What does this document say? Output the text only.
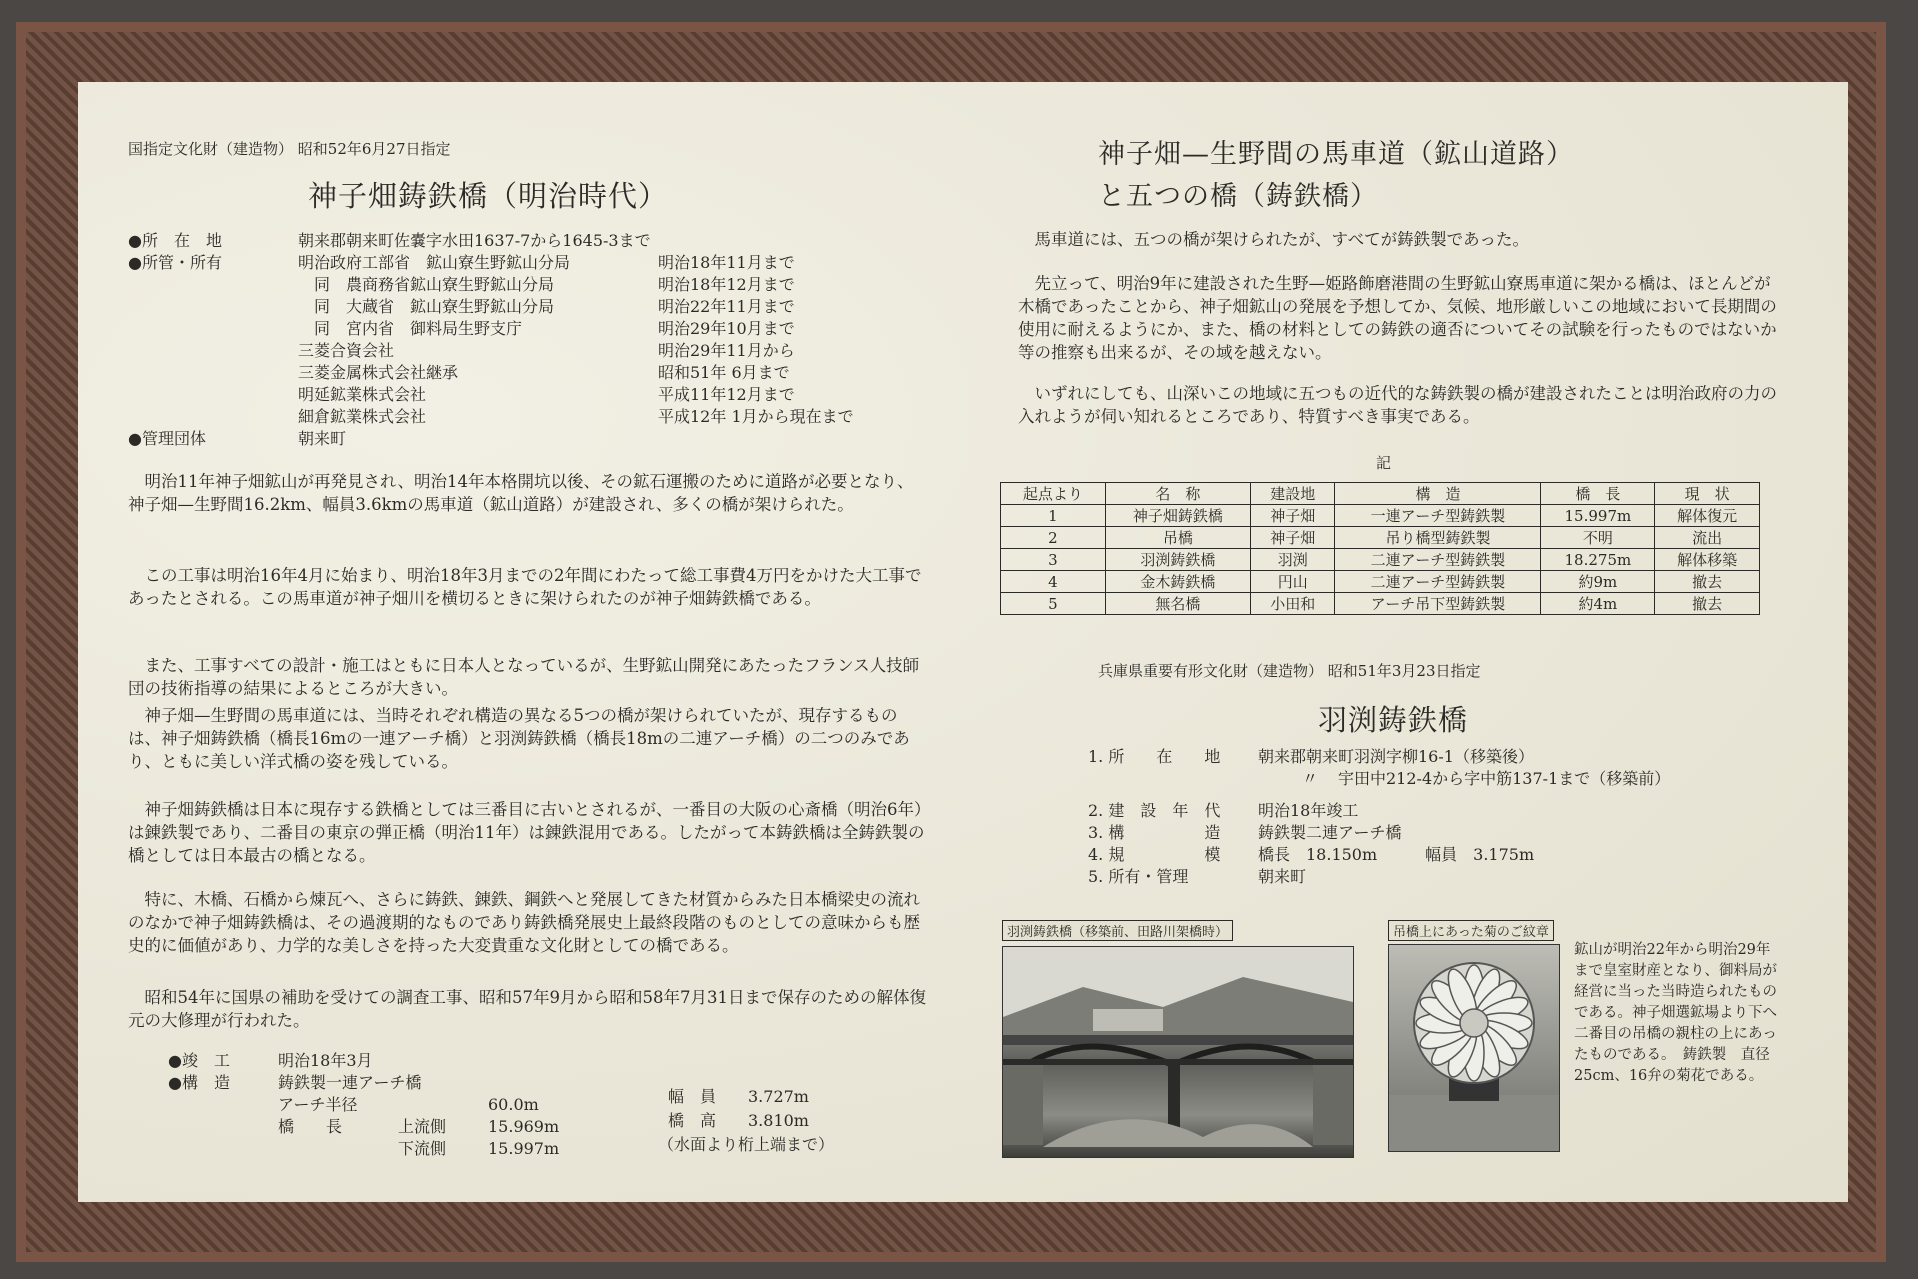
国指定文化財（建造物） 昭和52年6月27日指定
神子畑鋳鉄橋（明治時代）
●所　在　地	朝来郡朝来町佐嚢字水田1637-7から1645-3まで
●所管・所有	明治政府工部省　鉱山寮生野鉱山分局	明治18年11月まで
　同　農商務省鉱山寮生野鉱山分局	明治18年12月まで
　同　大蔵省　鉱山寮生野鉱山分局	明治22年11月まで
　同　宮内省　御料局生野支庁	明治29年10月まで
三菱合資会社	明治29年11月から
三菱金属株式会社継承	昭和51年 6月まで
明延鉱業株式会社	平成11年12月まで
細倉鉱業株式会社	平成12年 1月から現在まで
●管理団体	朝来町
明治11年神子畑鉱山が再発見され、明治14年本格開坑以後、その鉱石運搬のために道路が必要となり、神子畑—生野間16.2km、幅員3.6kmの馬車道（鉱山道路）が建設され、多くの橋が架けられた。
この工事は明治16年4月に始まり、明治18年3月までの2年間にわたって総工事費4万円をかけた大工事であったとされる。この馬車道が神子畑川を横切るときに架けられたのが神子畑鋳鉄橋である。
また、工事すべての設計・施工はともに日本人となっているが、生野鉱山開発にあたったフランス人技師団の技術指導の結果によるところが大きい。
神子畑—生野間の馬車道には、当時それぞれ構造の異なる5つの橋が架けられていたが、現存するものは、神子畑鋳鉄橋（橋長16mの一連アーチ橋）と羽渕鋳鉄橋（橋長18mの二連アーチ橋）の二つのみであり、ともに美しい洋式橋の姿を残している。
神子畑鋳鉄橋は日本に現存する鉄橋としては三番目に古いとされるが、一番目の大阪の心斎橋（明治6年）は錬鉄製であり、二番目の東京の弾正橋（明治11年）は錬鉄混用である。したがって本鋳鉄橋は全鋳鉄製の橋としては日本最古の橋となる。
特に、木橋、石橋から煉瓦へ、さらに鋳鉄、錬鉄、鋼鉄へと発展してきた材質からみた日本橋梁史の流れのなかで神子畑鋳鉄橋は、その過渡期的なものであり鋳鉄橋発展史上最終段階のものとしての意味からも歴史的に価値があり、力学的な美しさを持った大変貴重な文化財としての橋である。
昭和54年に国県の補助を受けての調査工事、昭和57年9月から昭和58年7月31日まで保存のための解体復元の大修理が行われた。
●竣　工	明治18年3月
●構　造	鋳鉄製一連アーチ橋
アーチ半径	60.0m	幅　員 3.727m
橋　　長	上流側	15.969m	橋　高 3.810m
下流側	15.997m	（水面より桁上端まで）
神子畑—生野間の馬車道（鉱山道路）
と五つの橋（鋳鉄橋）
馬車道には、五つの橋が架けられたが、すべてが鋳鉄製であった。
先立って、明治9年に建設された生野—姫路飾磨港間の生野鉱山寮馬車道に架かる橋は、ほとんどが木橋であったことから、神子畑鉱山の発展を予想してか、気候、地形厳しいこの地域において長期間の使用に耐えるようにか、また、橋の材料としての鋳鉄の適否についてその試験を行ったものではないか等の推察も出来るが、その域を越えない。
いずれにしても、山深いこの地域に五つもの近代的な鋳鉄製の橋が建設されたことは明治政府の力の入れようが伺い知れるところであり、特質すべき事実である。
記
起点より	名　称	建設地	構　造	橋　長	現　状
1	神子畑鋳鉄橋	神子畑	一連アーチ型鋳鉄製	15.997m	解体復元
2	吊橋	神子畑	吊り橋型鋳鉄製	不明	流出
3	羽渕鋳鉄橋	羽渕	二連アーチ型鋳鉄製	18.275m	解体移築
4	金木鋳鉄橋	円山	二連アーチ型鋳鉄製	約9m	撤去
5	無名橋	小田和	アーチ吊下型鋳鉄製	約4m	撤去
兵庫県重要有形文化財（建造物） 昭和51年3月23日指定
羽渕鋳鉄橋
1. 所　　在　　地	朝来郡朝来町羽渕字柳16-1（移築後）
〃	宇田中212-4から字中筋137-1まで（移築前）
2. 建　設　年　代	明治18年竣工
3. 構　　　　　造	鋳鉄製二連アーチ橋
4. 規　　　　　模	橋長　18.150m　　　幅員　3.175m
5. 所有・管理	朝来町
羽渕鋳鉄橋（移築前、田路川架橋時）	吊橋上にあった菊のご紋章
鉱山が明治22年から明治29年まで皇室財産となり、御料局が経営に当った当時造られたものである。神子畑選鉱場より下へ二番目の吊橋の親柱の上にあったものである。　鋳鉄製　直径25cm、16弁の菊花である。
